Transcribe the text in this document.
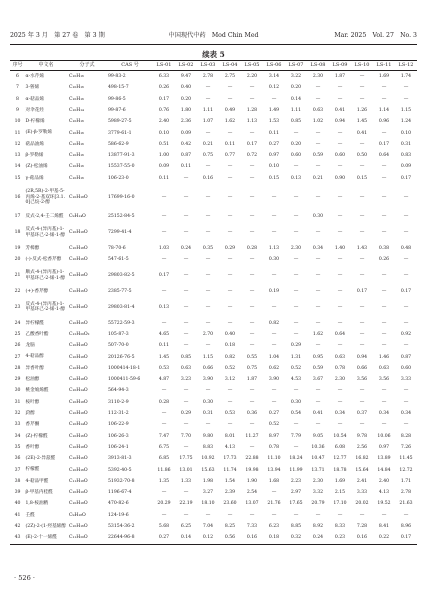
2025 年 3 月　第 27 卷　第 3 期	中国现代中药　Mod Chin Med	Mar. 2025　Vol. 27　No. 3
续表 5
序号	中文名	分子式	CAS 号	LS-01	LS-02	LS-03	LS-04	LS-05	LS-06	LS-07	LS-08	LS-09	LS-10	LS-11	LS-12	
6	α-水芹烯	C₁₀H₁₆	99-83-2	6.33	9.47	2.78	2.75	2.20	3.14	3.22	2.30	1.87	—	1.69	1.74	
7	3-蒈烯	C₁₀H₁₆	498-15-7	0.26	0.40	—	—	—	0.12	0.20	—	—	—	—	—	
8	α-萜品烯	C₁₀H₁₆	99-86-5	0.17	0.20	—	—	—	—	0.14	—	—	—	—	—	
9	对伞花烃	C₁₀H₁₄	99-87-6	0.76	1.80	1.11	0.49	1.28	1.49	1.11	0.63	0.41	1.26	1.14	1.15	
10	D-柠檬烯	C₁₀H₁₆	5989-27-5	2.40	2.36	1.07	1.62	1.13	1.53	0.85	1.02	0.94	1.45	0.96	1.24	
11	(E)-β-罗勒烯	C₁₀H₁₆	3779-61-1	0.10	0.09	—	—	—	0.11	—	—	—	0.41	—	0.10	
12	萜品油烯	C₁₀H₁₆	586-62-9	0.51	0.42	0.21	0.11	0.17	0.27	0.20	—	—	—	0.17	0.31	
13	β-罗勒烯	C₁₀H₁₆	13877-91-3	1.00	0.87	0.75	0.77	0.72	0.97	0.60	0.59	0.60	0.50	0.64	0.83	
14	(Z)-松油烯	C₁₀H₁₆	15537-55-0	0.09	0.11	—	—	—	0.10	—	—	—	—	—	0.09	
15	γ-萜品烯	C₁₀H₁₆	106-23-0	0.11	—	0.16	—	—	0.15	0.13	0.21	0.90	0.15	—	0.17	
16	(2R,5R)-2-甲基-5-丙烯-2-基双环[3.1.0]己烷-2-醇	C₁₀H₁₈O	17699-16-0	—	—	—	—	—	—	—	—	—	—	—	—	
17	反式-2,4-壬二烯醛	C₉H₁₄O	25152-84-5	—	—	—	—	—	—	—	0.30	—	—	—	—	
18	反式-4-(异丙基)-1-甲基环己-2-烯-1-醇	C₁₀H₁₈O	7299-41-4	—	—	—	—	—	—	—	—	—	—	—	—	
19	芳樟醇	C₁₀H₁₈O	78-70-6	1.03	0.24	0.35	0.29	0.28	1.13	2.30	0.34	1.40	1.43	0.38	0.48	
20	(-)-反式-松香芹醇	C₁₀H₁₆O	547-61-5	—	—	—	—	—	0.30	—	—	—	—	0.26	—	
21	顺式-4-(异丙基)-1-甲基环己-2-烯-1-醇	C₁₀H₁₈O	29803-82-5	0.17	—	—	—	—	—	—	—	—	—	—	—	
22	(+)-香芹醇	C₁₀H₁₆O	2385-77-5	—	—	—	—	—	0.19	—	—	—	0.17	—	0.17	
23	反式-4-(异丙基)-1-甲基环己-2-烯-1-醇	C₁₀H₁₈O	29803-81-4	0.13	—	—	—	—	—	—	—	—	—	—	—	
24	异柠檬醛	C₁₀H₁₆O	55722-59-3	—	—	—	—	—	0.82	—	—	—	—	—	—	
25	乙酸香叶酯	C₁₂H₂₀O₂	105-87-3	4.65	—	2.70	0.40	—	—	—	1.62	0.64	—	—	0.92	
26	龙脑	C₁₀H₁₈O	507-70-0	0.11	—	—	0.18	—	—	0.29	—	—	—	—	—	
27	4-萜品醇	C₁₀H₁₈O	20126-76-5	1.45	0.85	1.15	0.82	0.55	1.04	1.31	0.95	0.63	0.94	1.46	0.87	
28	异香叶醇	C₁₀H₁₈O	1000414-18-1	0.53	0.63	0.66	0.52	0.75	0.62	0.52	0.59	0.78	0.66	0.63	0.60	
29	松油醇	C₁₀H₁₈O	1000411-59-6	4.87	3.23	3.90	3.12	1.87	3.90	4.53	3.67	2.30	3.56	3.56	3.33	
30	桃金娘烯醛	C₁₀H₁₄O	564-94-3	—	—	—	—	—	—	—	—	—	—	—	—	
31	桉叶醇	C₁₀H₁₈O	3110-2-9	0.28	—	0.30	—	—	—	0.30	—	—	—	—	—	
32	葑醇	C₁₀H₁₈O	112-31-2	—	0.29	0.31	0.53	0.36	0.27	0.54	0.41	0.34	0.37	0.34	0.34	
33	香芹酮	C₁₀H₁₄O	106-22-9	—	—	—	—	—	0.52	—	—	—	—	—	—	
34	(Z)-柠檬醛	C₁₀H₁₆O	106-26-3	7.47	7.70	9.80	8.01	11.27	8.97	7.79	9.05	10.54	9.78	10.06	8.28	
35	香叶醇	C₁₀H₁₈O	106-24-1	6.75	—	8.83	4.13	—	0.78	—	10.36	6.08	2.56	0.97	7.26	
36	(2E)-2-异蒎醛	C₁₀H₁₆O	3913-81-3	6.85	17.75	10.92	17.73	22.88	11.10	18.24	10.47	12.77	16.82	13.89	11.45	
37	柠檬醛	C₁₀H₁₆O	5392-40-5	11.86	13.01	15.63	11.74	19.98	13.94	11.99	13.71	18.78	15.64	14.84	12.72	
38	4-萜品甲醛	C₁₁H₁₈O	51932-70-8	1.35	1.33	1.98	1.54	1.90	1.68	2.23	2.30	1.69	2.41	2.40	1.71	
39	β-甲基内桂醛	C₁₀H₁₀O	1196-67-4	—	—	3.27	2.39	2.54	—	2.97	3.32	2.15	3.33	4.13	2.78	
40	1,8-桉油精	C₁₀H₁₈O	470-82-6	20.29	22.19	18.10	23.60	13.07	21.76	17.65	20.79	17.10	20.02	19.52	21.63	
41	壬醛	C₉H₁₈O	124-19-6	—	—	—	—	—	—	—	—	—	—	—	—	
42	(2Z)-2-(1-羟基烯醇	C₁₀H₁₆O	53154-36-2	5.68	6.25	7.04	8.25	7.33	6.23	8.85	8.92	8.33	7.28	8.41	8.96	
43	(E)-2-十一烯醛	C₁₁H₂₀O	22644-96-8	0.27	0.14	0.12	0.56	0.16	0.18	0.32	0.24	0.23	0.16	0.22	0.17	
· 526 ·
